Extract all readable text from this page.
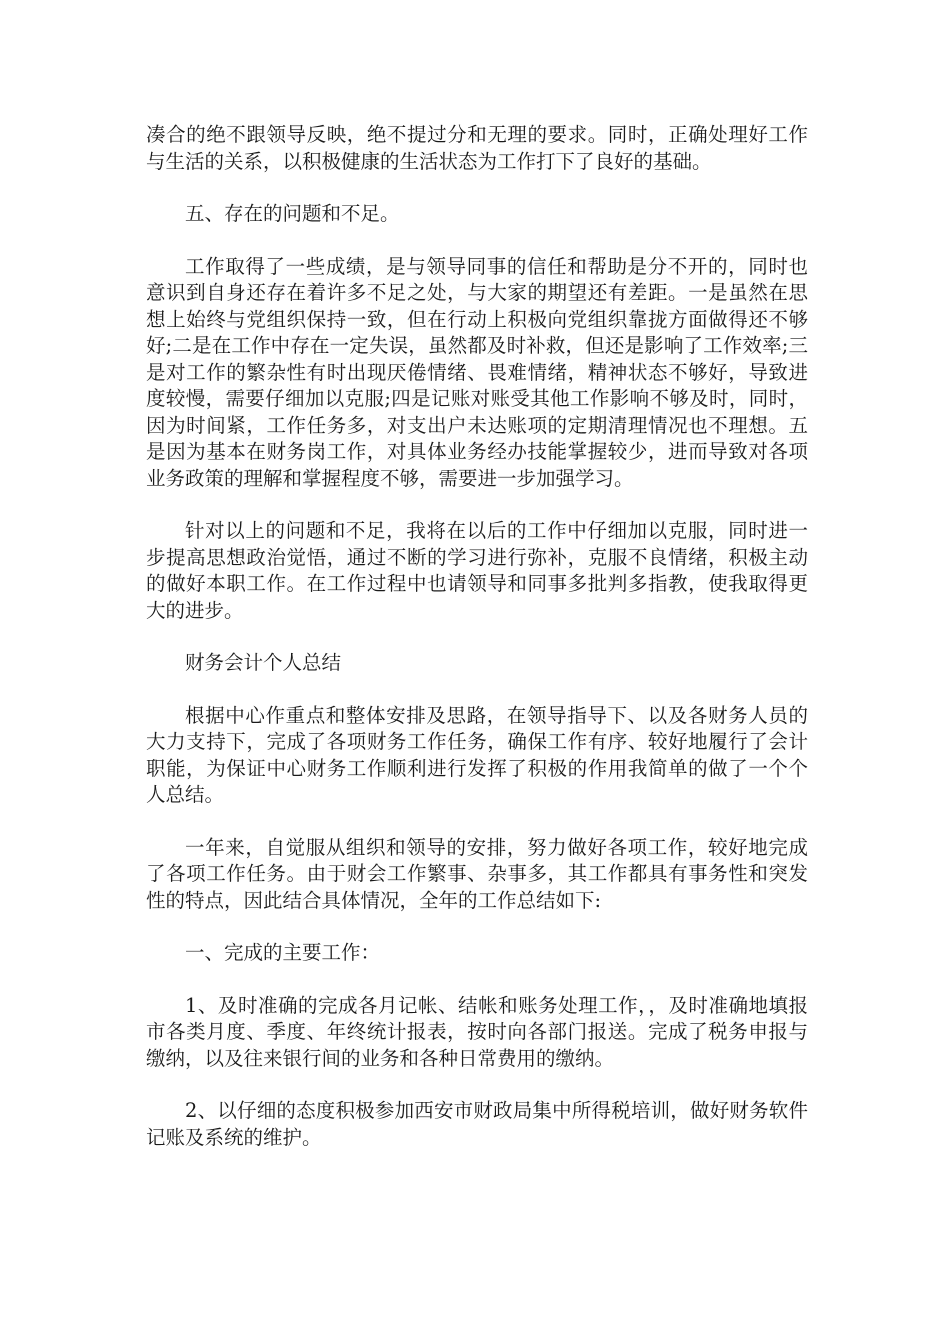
凑合的绝不跟领导反映，绝不提过分和无理的要求。同时，正确处理好工作与生活的关系，以积极健康的生活状态为工作打下了良好的基础。

五、存在的问题和不足。

工作取得了一些成绩，是与领导同事的信任和帮助是分不开的，同时也意识到自身还存在着许多不足之处，与大家的期望还有差距。一是虽然在思想上始终与党组织保持一致，但在行动上积极向党组织靠拢方面做得还不够好;二是在工作中存在一定失误，虽然都及时补救，但还是影响了工作效率;三是对工作的繁杂性有时出现厌倦情绪、畏难情绪，精神状态不够好，导致进度较慢，需要仔细加以克服;四是记账对账受其他工作影响不够及时，同时，因为时间紧，工作任务多，对支出户未达账项的定期清理情况也不理想。五是因为基本在财务岗工作，对具体业务经办技能掌握较少，进而导致对各项业务政策的理解和掌握程度不够，需要进一步加强学习。

针对以上的问题和不足，我将在以后的工作中仔细加以克服，同时进一步提高思想政治觉悟，通过不断的学习进行弥补，克服不良情绪，积极主动的做好本职工作。在工作过程中也请领导和同事多批判多指教，使我取得更大的进步。

财务会计个人总结

根据中心作重点和整体安排及思路，在领导指导下、以及各财务人员的大力支持下，完成了各项财务工作任务，确保工作有序、较好地履行了会计职能，为保证中心财务工作顺利进行发挥了积极的作用我简单的做了一个个人总结。

一年来，自觉服从组织和领导的安排，努力做好各项工作，较好地完成了各项工作任务。由于财会工作繁事、杂事多，其工作都具有事务性和突发性的特点，因此结合具体情况，全年的工作总结如下:

一、完成的主要工作：

1、及时准确的完成各月记帐、结帐和账务处理工作，，及时准确地填报市各类月度、季度、年终统计报表，按时向各部门报送。完成了税务申报与缴纳，以及往来银行间的业务和各种日常费用的缴纳。

2、以仔细的态度积极参加西安市财政局集中所得税培训，做好财务软件记账及系统的维护。
